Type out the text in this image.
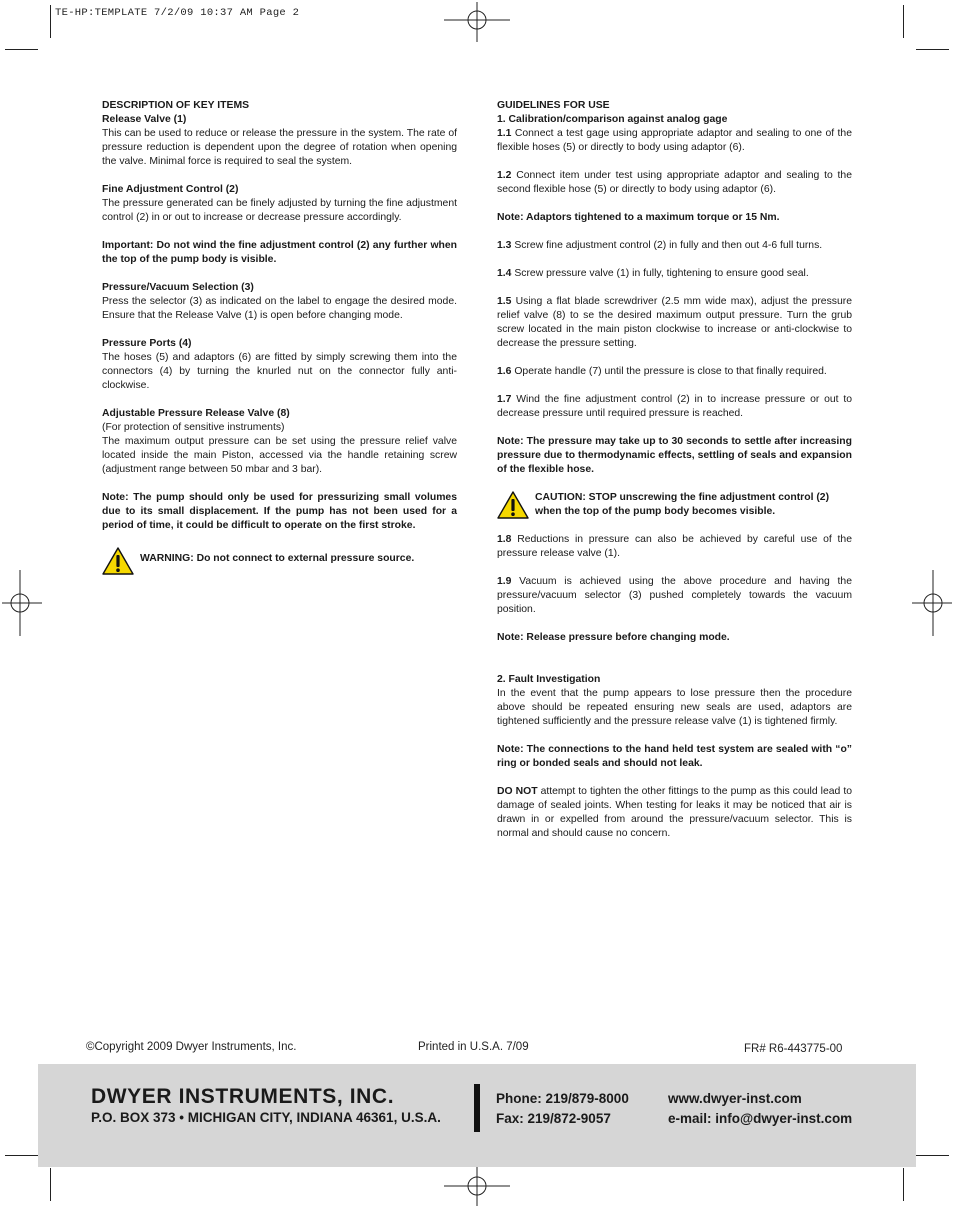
TE-HP:TEMPLATE 7/2/09 10:37 AM Page 2

DESCRIPTION OF KEY ITEMS
Release Valve (1)
This can be used to reduce or release the pressure in the system. The rate of pressure reduction is dependent upon the degree of rotation when opening the valve. Minimal force is required to seal the system.

Fine Adjustment Control (2)
The pressure generated can be finely adjusted by turning the fine adjustment control (2) in or out to increase or decrease pressure accordingly.

Important: Do not wind the fine adjustment control (2) any further when the top of the pump body is visible.

Pressure/Vacuum Selection (3)
Press the selector (3) as indicated on the label to engage the desired mode. Ensure that the Release Valve (1) is open before changing mode.

Pressure Ports (4)
The hoses (5) and adaptors (6) are fitted by simply screwing them into the connectors (4) by turning the knurled nut on the connector fully anti-clockwise.

Adjustable Pressure Release Valve (8)
(For protection of sensitive instruments)
The maximum output pressure can be set using the pressure relief valve located inside the main Piston, accessed via the handle retaining screw (adjustment range between 50 mbar and 3 bar).

Note: The pump should only be used for pressurizing small volumes due to its small displacement. If the pump has not been used for a period of time, it could be difficult to operate on the first stroke.

WARNING: Do not connect to external pressure source.

GUIDELINES FOR USE
1. Calibration/comparison against analog gage
1.1 Connect a test gage using appropriate adaptor and sealing to one of the flexible hoses (5) or directly to body using adaptor (6).

1.2 Connect item under test using appropriate adaptor and sealing to the second flexible hose (5) or directly to body using adaptor (6).

Note: Adaptors tightened to a maximum torque or 15 Nm.

1.3 Screw fine adjustment control (2) in fully and then out 4-6 full turns.

1.4 Screw pressure valve (1) in fully, tightening to ensure good seal.

1.5 Using a flat blade screwdriver (2.5 mm wide max), adjust the pressure relief valve (8) to se the desired maximum output pressure. Turn the grub screw located in the main piston clockwise to increase or anti-clockwise to decrease the pressure setting.

1.6 Operate handle (7) until the pressure is close to that finally required.

1.7 Wind the fine adjustment control (2) in to increase pressure or out to decrease pressure until required pressure is reached.

Note: The pressure may take up to 30 seconds to settle after increasing pressure due to thermodynamic effects, settling of seals and expansion of the flexible hose.

CAUTION: STOP unscrewing the fine adjustment control (2) when the top of the pump body becomes visible.

1.8 Reductions in pressure can also be achieved by careful use of the pressure release valve (1).

1.9 Vacuum is achieved using the above procedure and having the pressure/vacuum selector (3) pushed completely towards the vacuum position.

Note: Release pressure before changing mode.

2. Fault Investigation
In the event that the pump appears to lose pressure then the procedure above should be repeated ensuring new seals are used, adaptors are tightened sufficiently and the pressure release valve (1) is tightened firmly.

Note: The connections to the hand held test system are sealed with “o” ring or bonded seals and should not leak.

DO NOT attempt to tighten the other fittings to the pump as this could lead to damage of sealed joints. When testing for leaks it may be noticed that air is drawn in or expelled from around the pressure/vacuum selector. This is normal and should cause no concern.

©Copyright 2009 Dwyer Instruments, Inc.	Printed in U.S.A. 7/09	FR# R6-443775-00
DWYER INSTRUMENTS, INC.
P.O. BOX 373 • MICHIGAN CITY, INDIANA 46361, U.S.A.
Phone: 219/879-8000
Fax: 219/872-9057
www.dwyer-inst.com
e-mail: info@dwyer-inst.com
